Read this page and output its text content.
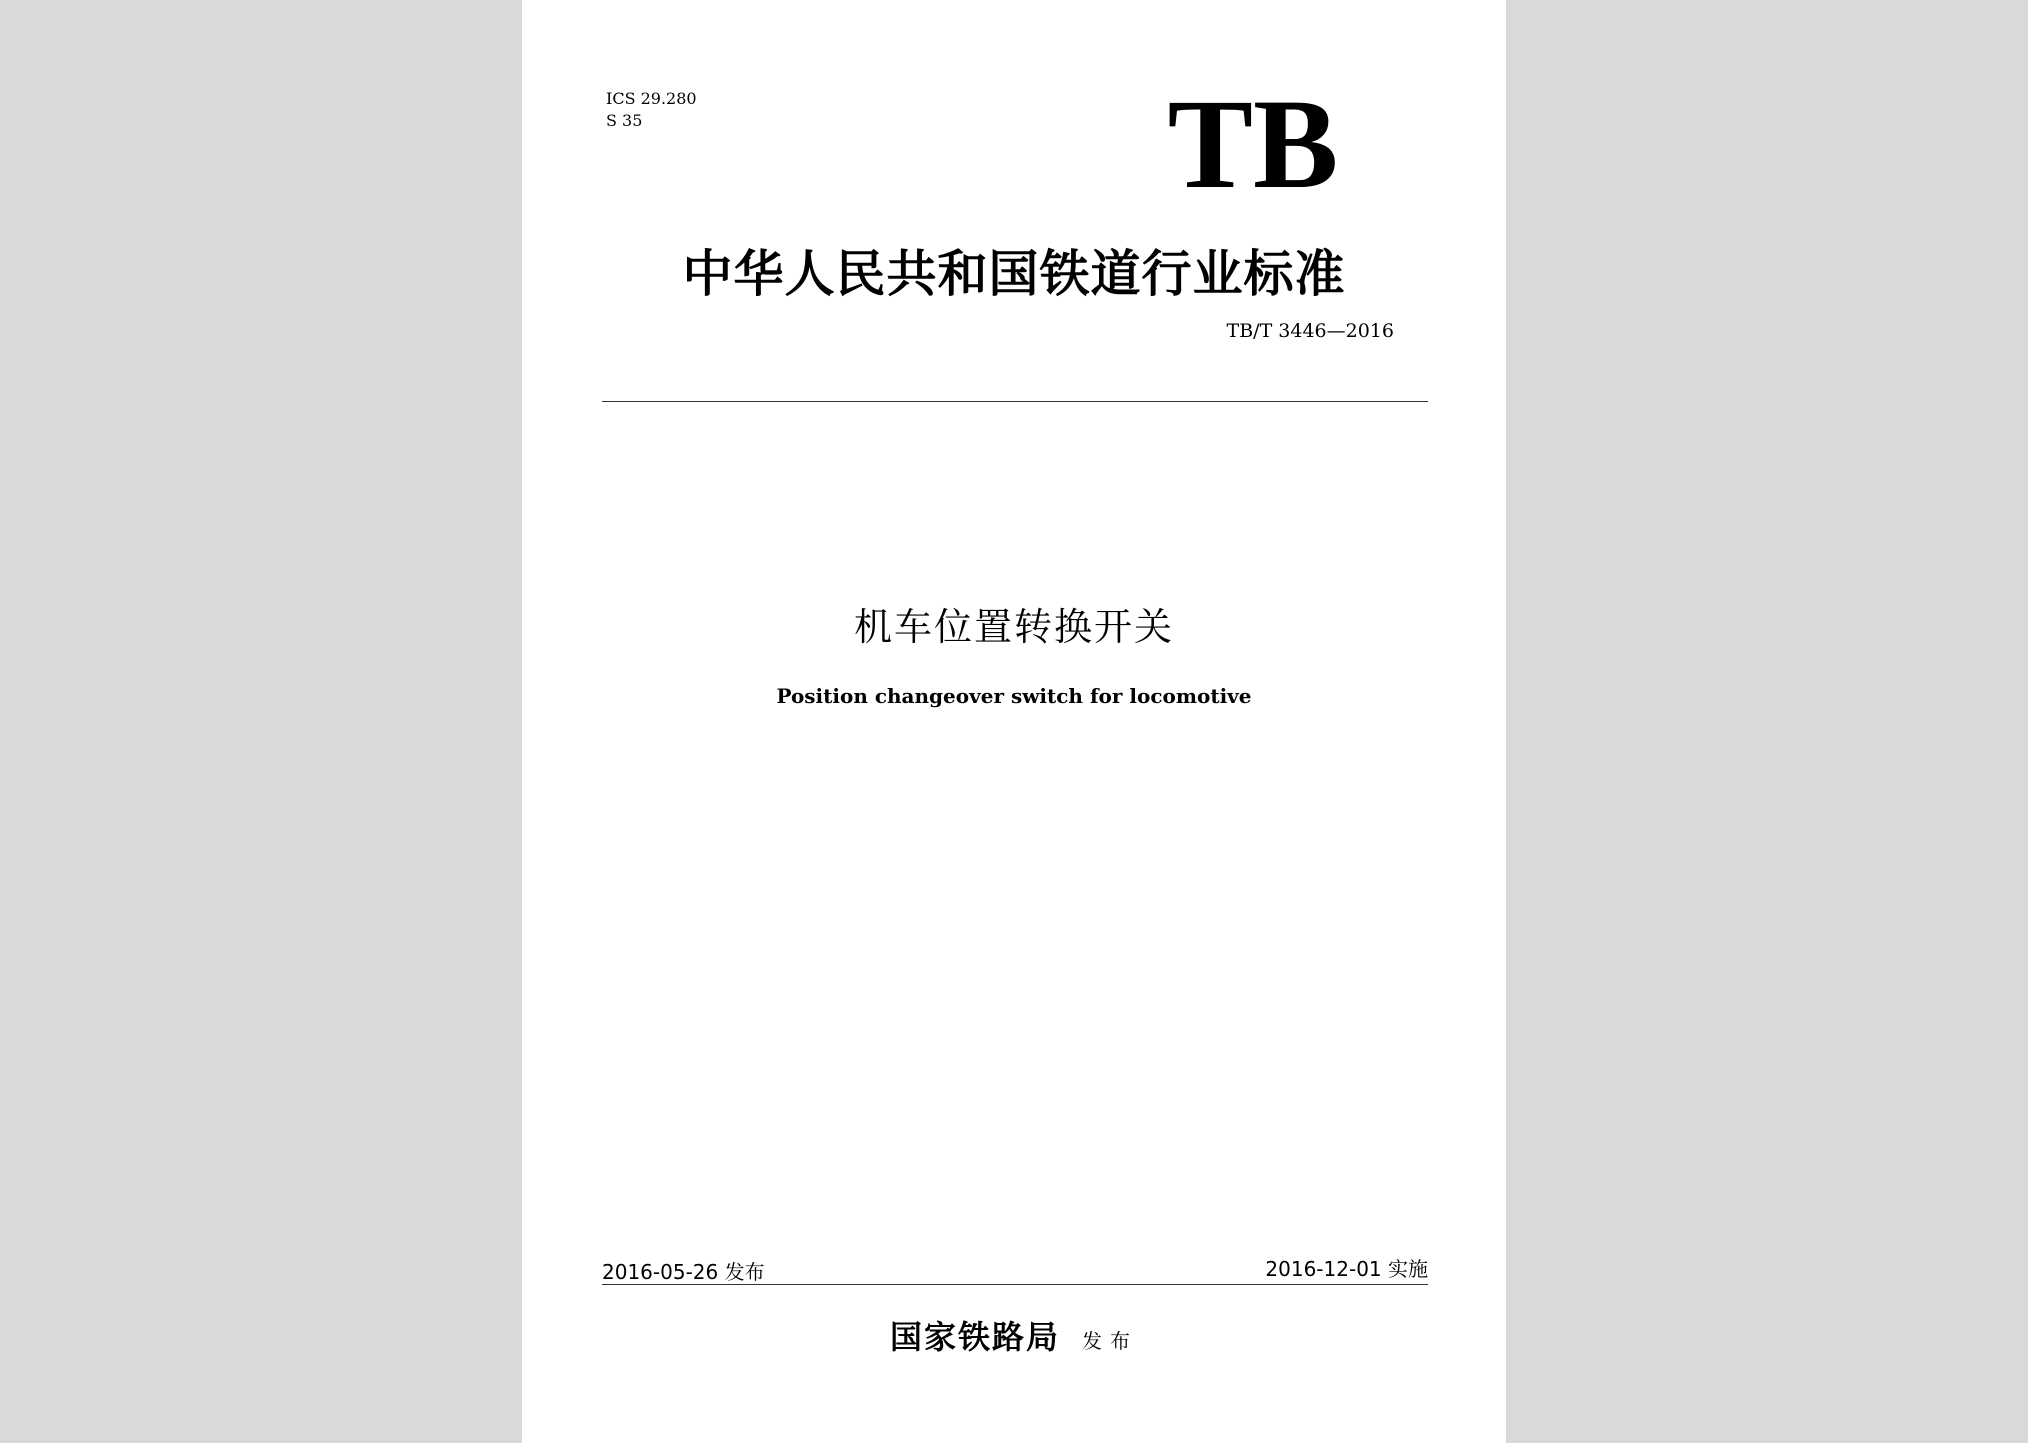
ICS 29.280
S 35	TB
中华人民共和国铁道行业标准
TB/T 3446—2016
机车位置转换开关
Position changeover switch for locomotive
2016-05-26 发布	2016-12-01 实施
国家铁路局 发布
